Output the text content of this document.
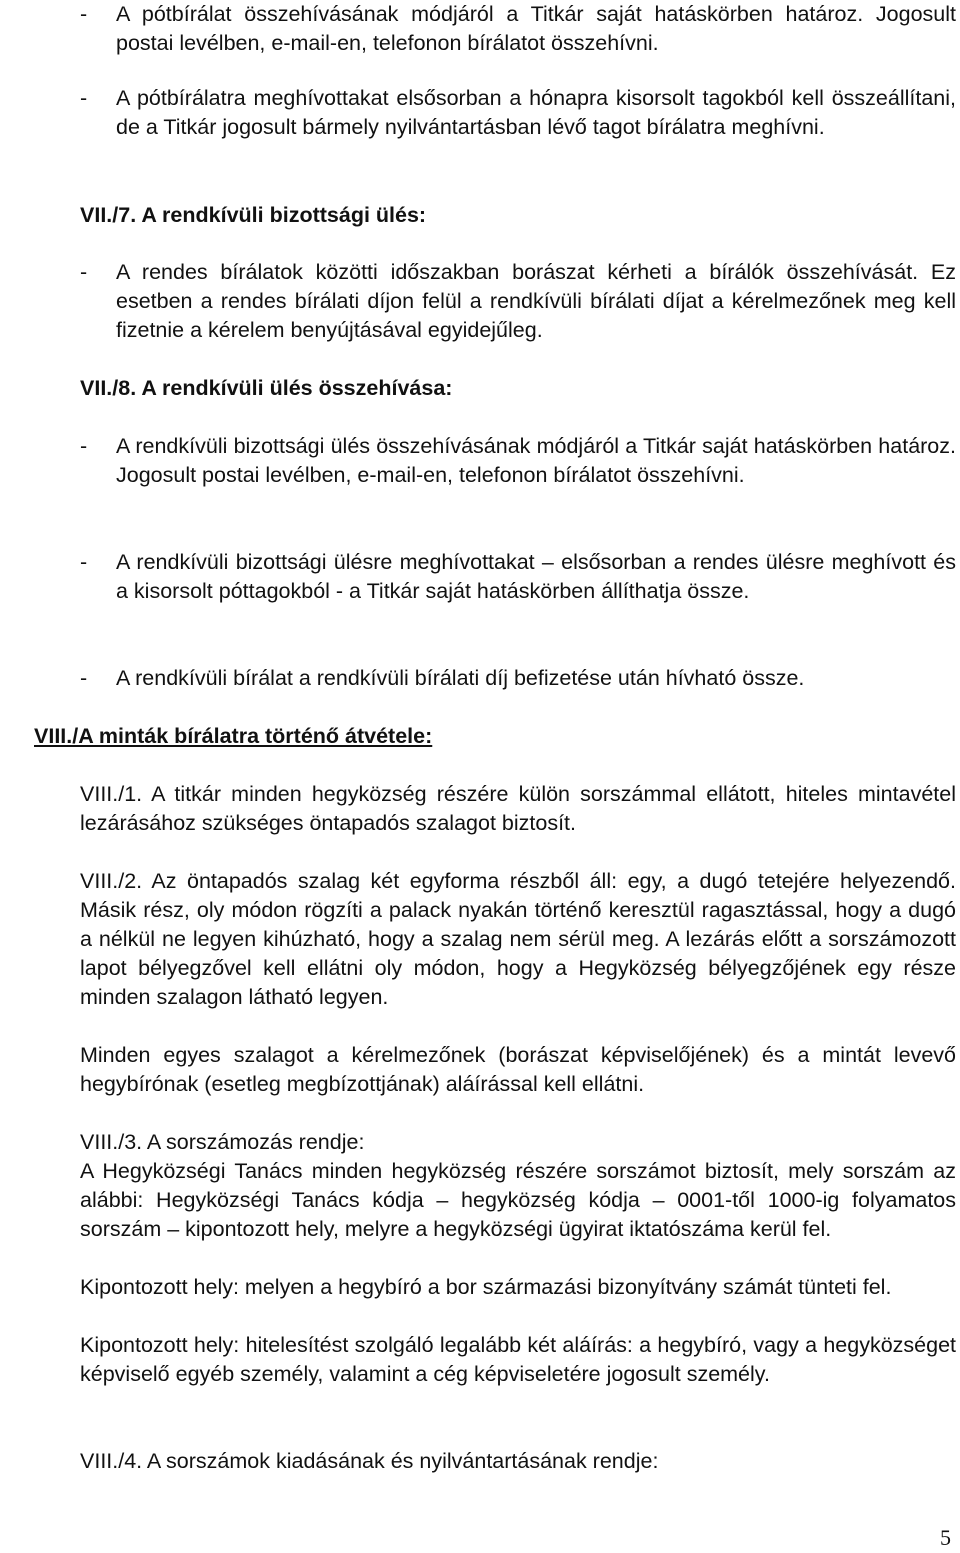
- A pótbírálat összehívásának módjáról a Titkár saját hatáskörben határoz. Jogosult postai levélben, e-mail-en, telefonon bírálatot összehívni.
- A pótbírálatra meghívottakat elsősorban a hónapra kisorsolt tagokból kell összeállítani, de a Titkár jogosult bármely nyilvántartásban lévő tagot bírálatra meghívni.
VII./7. A rendkívüli bizottsági ülés:
- A rendes bírálatok közötti időszakban borászat kérheti a bírálók összehívását. Ez esetben a rendes bírálati díjon felül a rendkívüli bírálati díjat a kérelmezőnek meg kell fizetnie a kérelem benyújtásával egyidejűleg.
VII./8. A rendkívüli ülés összehívása:
- A rendkívüli bizottsági ülés összehívásának módjáról a Titkár saját hatáskörben határoz. Jogosult postai levélben, e-mail-en, telefonon bírálatot összehívni.
- A rendkívüli bizottsági ülésre meghívottakat – elsősorban a rendes ülésre meghívott és a kisorsolt póttagokból - a Titkár saját hatáskörben állíthatja össze.
- A rendkívüli bírálat a rendkívüli bírálati díj befizetése után hívható össze.
VIII./A minták bírálatra történő átvétele:
VIII./1. A titkár minden hegyközség részére külön sorszámmal ellátott, hiteles mintavétel lezárásához szükséges öntapadós szalagot biztosít.
VIII./2. Az öntapadós szalag két egyforma részből áll: egy, a dugó tetejére helyezendő. Másik rész, oly módon rögzíti a palack nyakán történő keresztül ragasztással, hogy a dugó a nélkül ne legyen kihúzható, hogy a szalag nem sérül meg. A lezárás előtt a sorszámozott lapot bélyegzővel kell ellátni oly módon, hogy a Hegyközség bélyegzőjének egy része minden szalagon látható legyen.
Minden egyes szalagot a kérelmezőnek (borászat képviselőjének) és a mintát levevő hegybírónak (esetleg megbízottjának) aláírással kell ellátni.
VIII./3. A sorszámozás rendje:
A Hegyközségi Tanács minden hegyközség részére sorszámot biztosít, mely sorszám az alábbi: Hegyközségi Tanács kódja – hegyközség kódja – 0001-től 1000-ig folyamatos sorszám – kipontozott hely, melyre a hegyközségi ügyirat iktatószáma kerül fel.
Kipontozott hely: melyen a hegybíró a bor származási bizonyítvány számát tünteti fel.
Kipontozott hely: hitelesítést szolgáló legalább két aláírás: a hegybíró, vagy a hegyközséget képviselő egyéb személy, valamint a cég képviseletére jogosult személy.
VIII./4. A sorszámok kiadásának és nyilvántartásának rendje:
5
